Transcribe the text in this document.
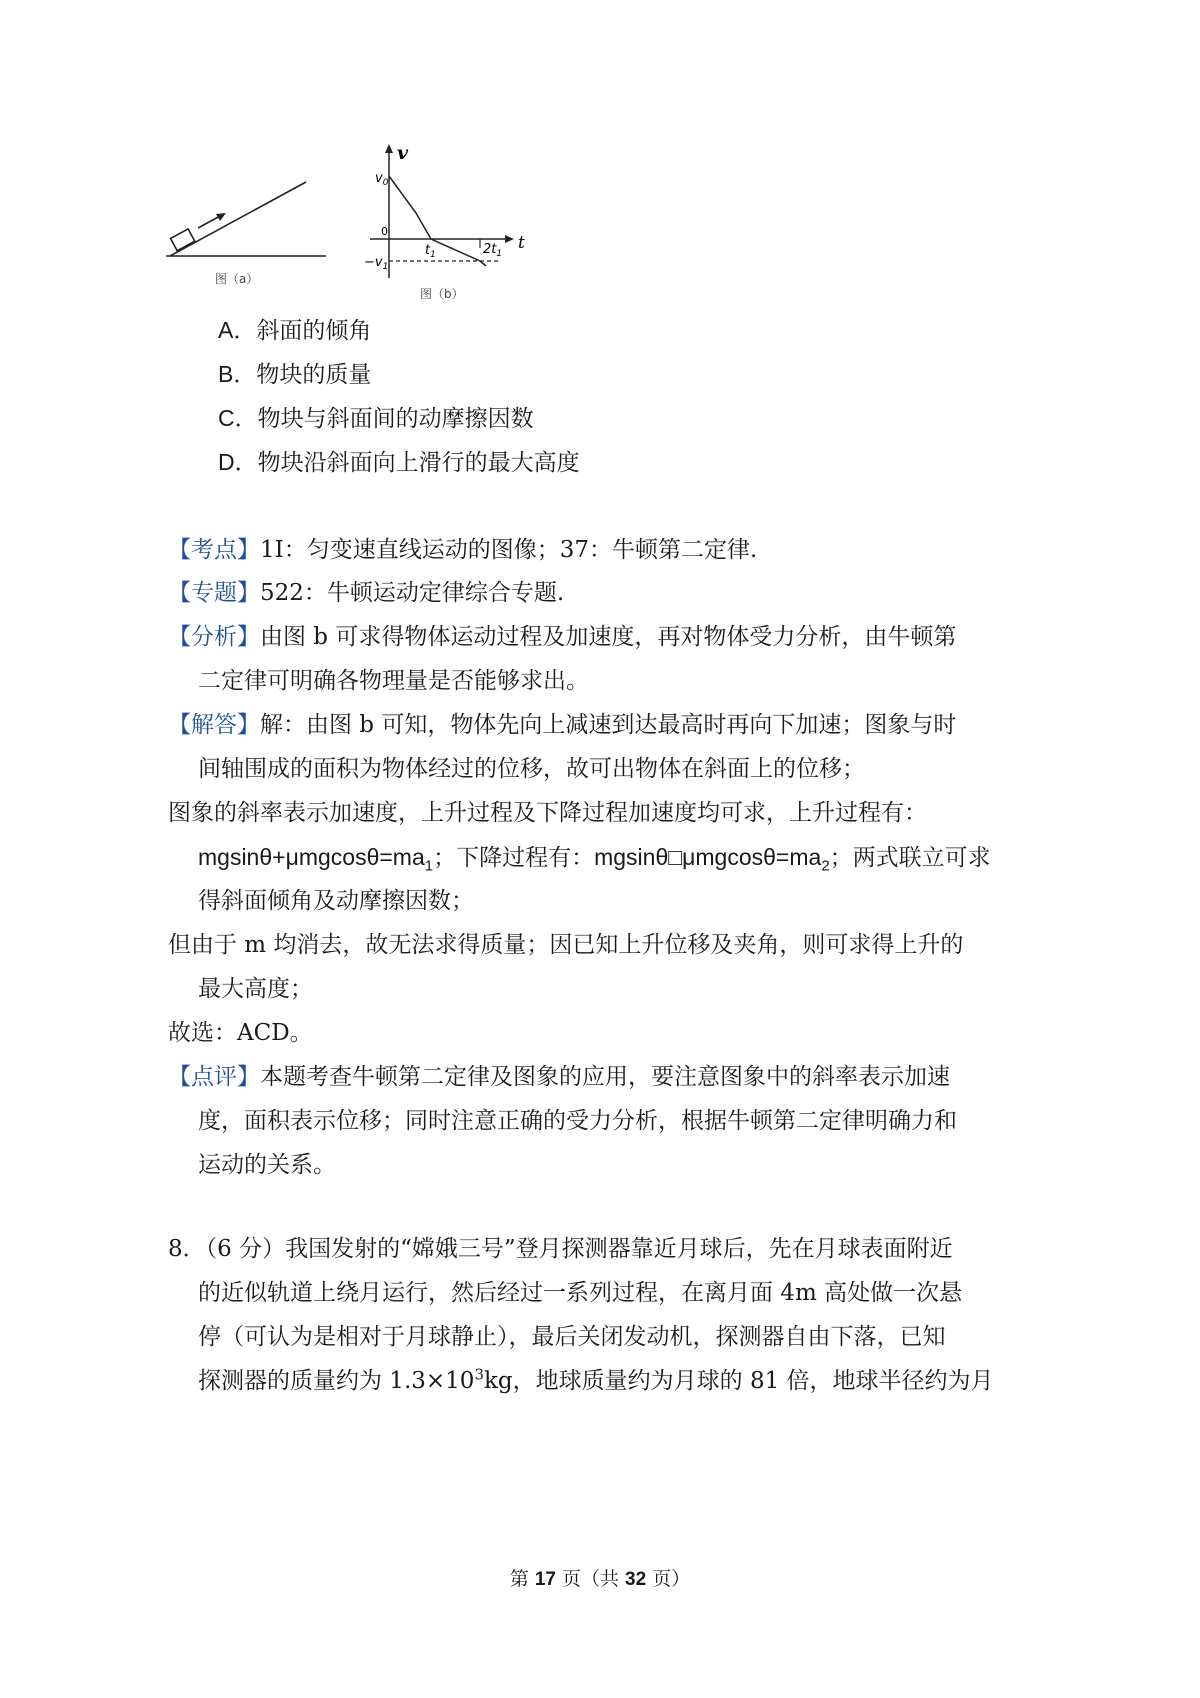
图（a）
v
t
$v_0$
0
$-v_1$
$t_1$	$2t_1$
图（b）
A．斜面的倾角
B．物块的质量
C．物块与斜面间的动摩擦因数
D．物块沿斜面向上滑行的最大高度
【考点】1I：匀变速直线运动的图像；37：牛顿第二定律.
【专题】522：牛顿运动定律综合专题.
【分析】由图 b 可求得物体运动过程及加速度，再对物体受力分析，由牛顿第
二定律可明确各物理量是否能够求出。
【解答】解：由图 b 可知，物体先向上减速到达最高时再向下加速；图象与时
间轴围成的面积为物体经过的位移，故可出物体在斜面上的位移；
图象的斜率表示加速度，上升过程及下降过程加速度均可求，上升过程有：
$mgsin\theta+\mu mgcos\theta=ma_1$；下降过程有：$mgsin\theta□\mu mgcos\theta=ma_2$；两式联立可求
得斜面倾角及动摩擦因数；
但由于 m 均消去，故无法求得质量；因已知上升位移及夹角，则可求得上升的
最大高度；
故选：ACD。
【点评】本题考查牛顿第二定律及图象的应用，要注意图象中的斜率表示加速
度，面积表示位移；同时注意正确的受力分析，根据牛顿第二定律明确力和
运动的关系。
8．（6 分）我国发射的“嫦娥三号”登月探测器靠近月球后，先在月球表面附近
的近似轨道上绕月运行，然后经过一系列过程，在离月面 4m 高处做一次悬
停（可认为是相对于月球静止），最后关闭发动机，探测器自由下落，已知
探测器的质量约为 $1.3\times 10^3kg$，地球质量约为月球的 81 倍，地球半径约为月
第 17 页（共 32 页）
